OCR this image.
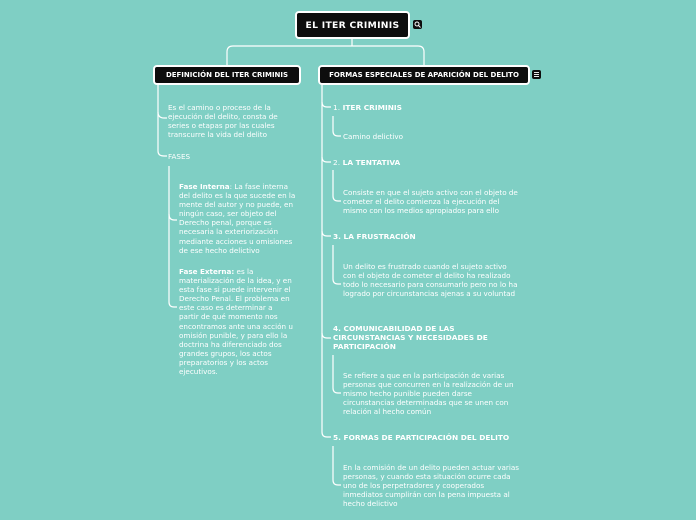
EL ITER CRIMINIS
DEFINICIÓN DEL ITER CRIMINIS	FORMAS ESPECIALES DE APARICIÓN DEL DELITO
Es el camino o proceso de la ejecución del delito, consta de series o etapas por las cuales transcurre la vida del delito
FASES
Fase Interna: La fase interna del delito es la que sucede en la mente del autor y no puede, en ningún caso, ser objeto del Derecho penal, porque es necesaria la exteriorización mediante acciones u omisiones de ese hecho delictivo
Fase Externa: es la materialización de la idea, y en esta fase si puede intervenir el Derecho Penal. El problema en este caso es determinar a partir de qué momento nos encontramos ante una acción u omisión punible, y para ello la doctrina ha diferenciado dos grandes grupos, los actos preparatorios y los actos ejecutivos.
1. ITER CRIMINIS
Camino delictivo
2. LA TENTATIVA
Consiste en que el sujeto activo con el objeto de cometer el delito comienza la ejecución del mismo con los medios apropiados para ello
3. LA FRUSTRACIÓN
Un delito es frustrado cuando el sujeto activo con el objeto de cometer el delito ha realizado todo lo necesario para consumarlo pero no lo ha logrado por circunstancias ajenas a su voluntad
4. COMUNICABILIDAD DE LAS CIRCUNSTANCIAS Y NECESIDADES DE PARTICIPACIÓN
Se refiere a que en la participación de varias personas que concurren en la realización de un mismo hecho punible pueden darse circunstancias determinadas que se unen con relación al hecho común
5. FORMAS DE PARTICIPACIÓN DEL DELITO
En la comisión de un delito pueden actuar varias personas, y cuando esta situación ocurre cada uno de los perpetradores y cooperados inmediatos cumplirán con la pena impuesta al hecho delictivo
